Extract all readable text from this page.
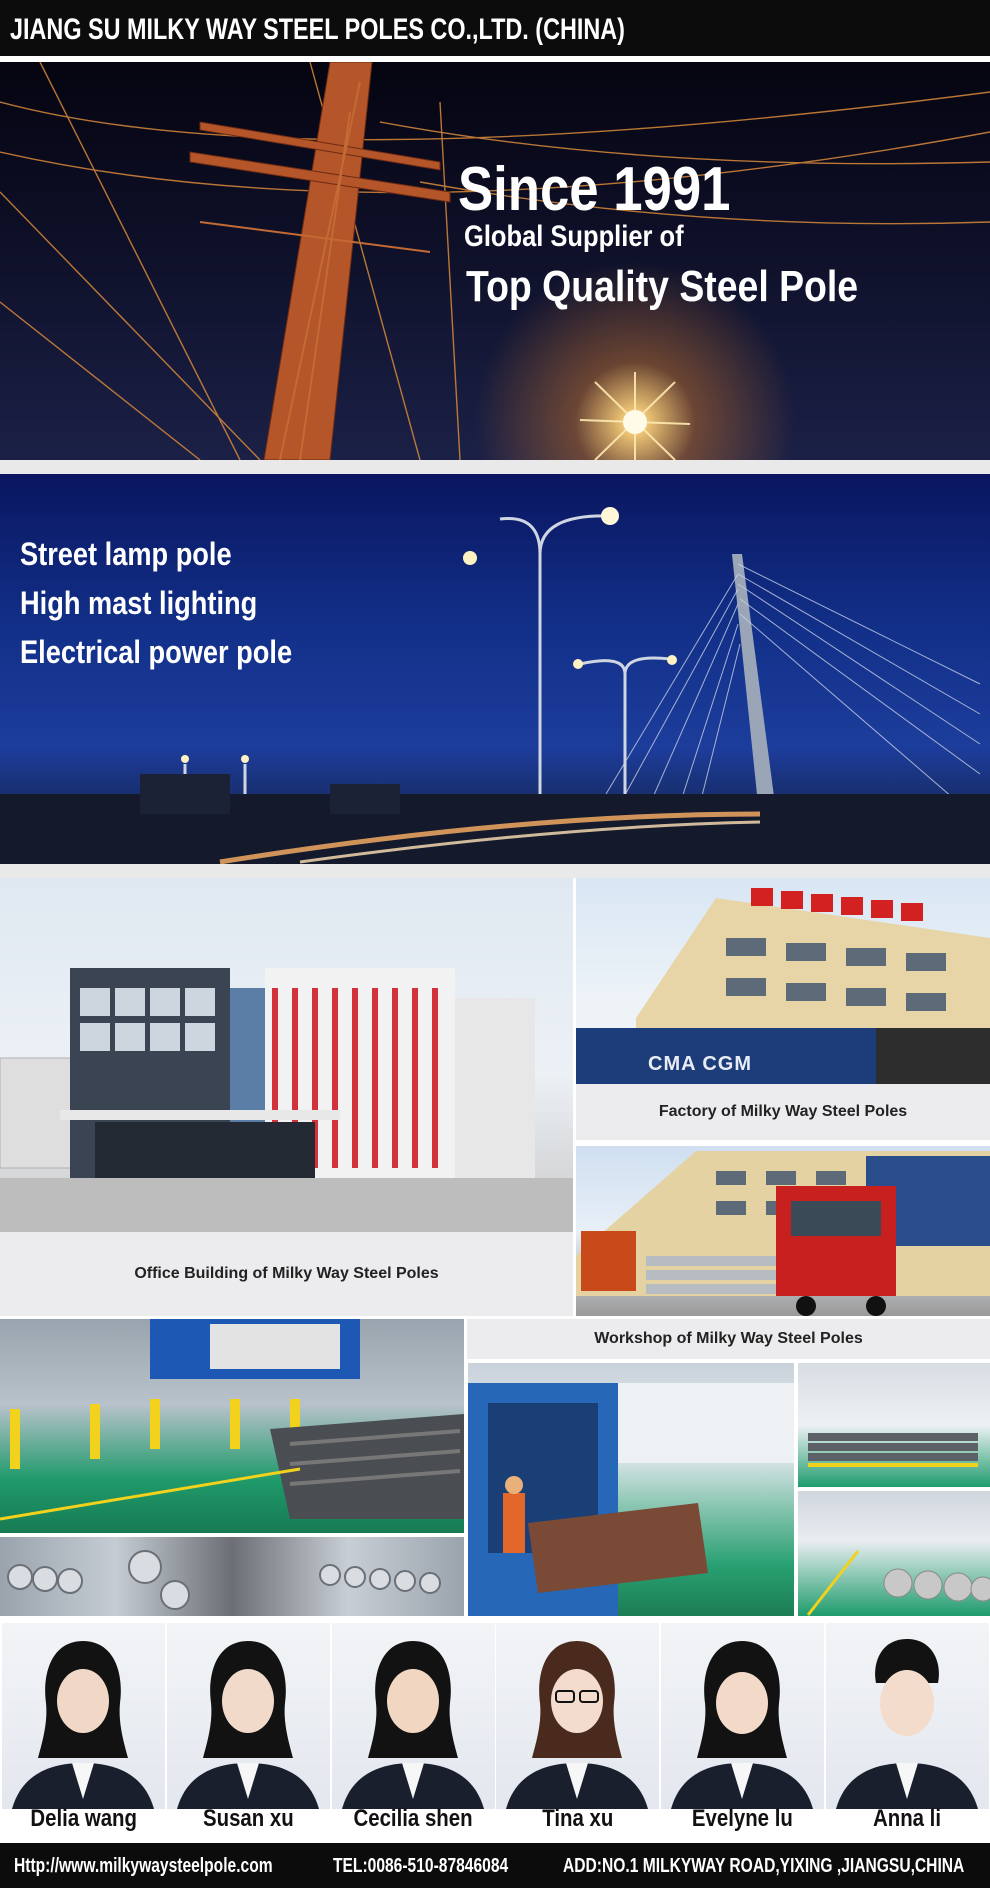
JIANG SU MILKY WAY STEEL POLES CO.,LTD. (CHINA)
Since 1991
Global Supplier of
Top Quality Steel Pole
Street lamp pole
High mast lighting
Electrical power pole
Office Building of Milky Way Steel Poles
CMA CGM
Factory of Milky Way Steel Poles
Workshop of Milky Way Steel Poles
Delia wang	Susan xu	Cecilia shen	Tina xu	Evelyne lu	Anna li
Http://www.milkywaysteelpole.com	TEL:0086-510-87846084	ADD:NO.1 MILKYWAY ROAD,YIXING ,JIANGSU,CHINA
